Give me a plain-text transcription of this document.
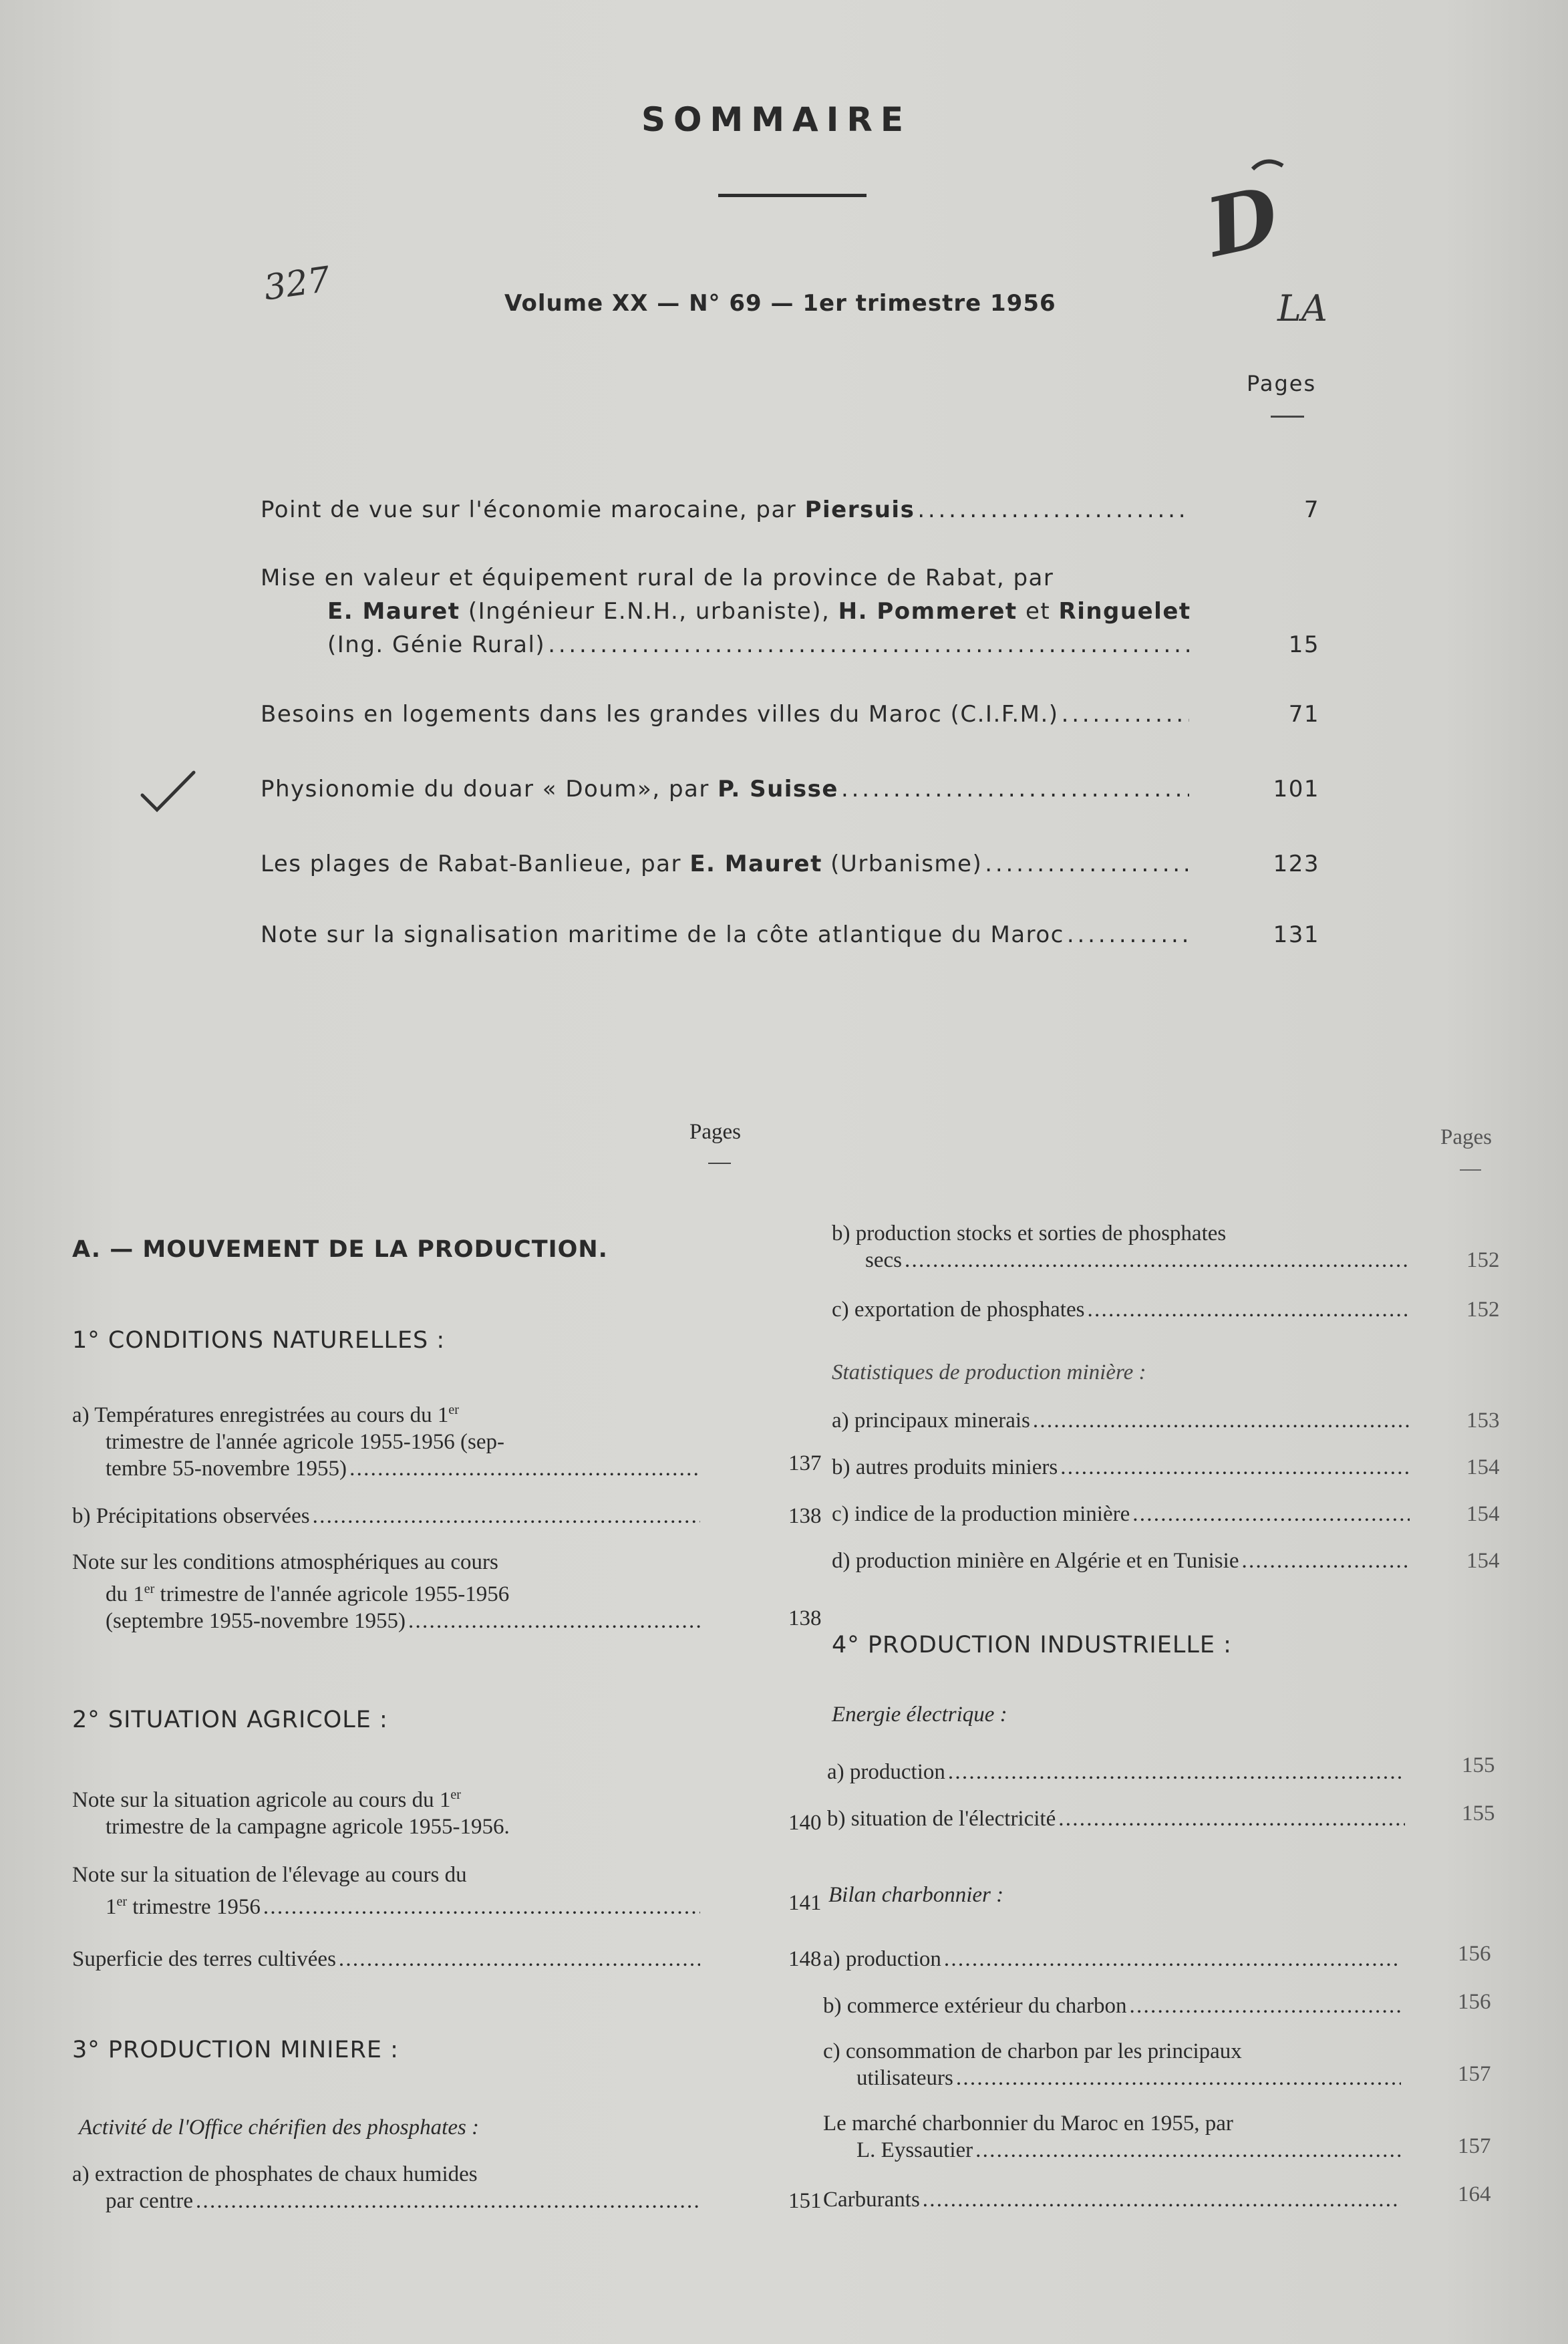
SOMMAIRE
327
D
LA
Volume XX — N° 69 — 1er trimestre 1956
Pages
Point de vue sur l'économie marocaine, par Piersuis . . .	7
Mise en valeur et équipement rural de la province de Rabat, par
E. Mauret (Ingénieur E.N.H., urbaniste), H. Pommeret et Ringuelet
(Ing. Génie Rural) . . .	15
Besoins en logements dans les grandes villes du Maroc (C.I.F.M.) . . .	71
Physionomie du douar « Doum», par P. Suisse . . .	101
Les plages de Rabat-Banlieue, par E. Mauret (Urbanisme) . . .	123
Note sur la signalisation maritime de la côte atlantique du Maroc . . .	131
Pages	Pages
A. — MOUVEMENT DE LA PRODUCTION.
1° CONDITIONS NATURELLES :
a) Températures enregistrées au cours du 1er
trimestre de l'année agricole 1955-1956 (sep-
tembre 55-novembre 1955) . . .	137
b) Précipitations observées . . .	138
Note sur les conditions atmosphériques au cours
du 1er trimestre de l'année agricole 1955-1956
(septembre 1955-novembre 1955) . . .	138
2° SITUATION AGRICOLE :
Note sur la situation agricole au cours du 1er
trimestre de la campagne agricole 1955-1956.	140
Note sur la situation de l'élevage au cours du
1er trimestre 1956 . . .	141
Superficie des terres cultivées . . .	148
3° PRODUCTION MINIERE :
Activité de l'Office chérifien des phosphates :
a) extraction de phosphates de chaux humides
par centre . . .	151
b) production stocks et sorties de phosphates
secs . . .	152
c) exportation de phosphates . . .	152
Statistiques de production minière :
a) principaux minerais . . .	153
b) autres produits miniers . . .	154
c) indice de la production minière . . .	154
d) production minière en Algérie et en Tunisie . . .	154
4° PRODUCTION INDUSTRIELLE :
Energie électrique :
a) production . . .	155
b) situation de l'électricité . . .	155
Bilan charbonnier :
a) production . . .	156
b) commerce extérieur du charbon . . .	156
c) consommation de charbon par les principaux
utilisateurs . . .	157
Le marché charbonnier du Maroc en 1955, par
L. Eyssautier . . .	157
Carburants . . .	164
